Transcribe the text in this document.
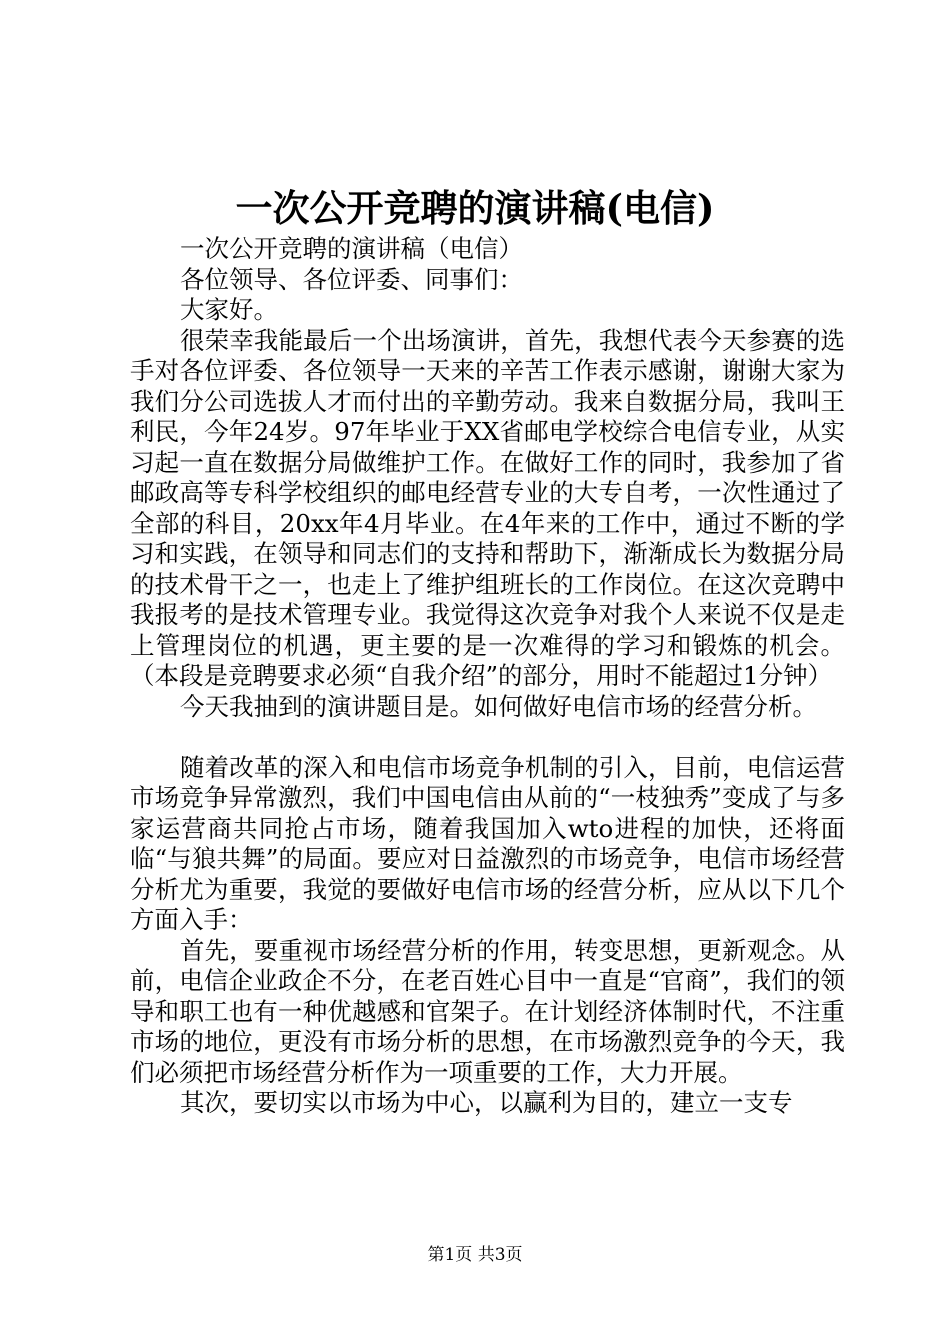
一次公开竞聘的演讲稿(电信)

一次公开竞聘的演讲稿（电信）

各位领导、各位评委、同事们：

大家好。

很荣幸我能最后一个出场演讲，首先，我想代表今天参赛的选手对各位评委、各位领导一天来的辛苦工作表示感谢，谢谢大家为我们分公司选拔人才而付出的辛勤劳动。我来自数据分局，我叫王利民，今年24岁。97年毕业于XX省邮电学校综合电信专业，从实习起一直在数据分局做维护工作。在做好工作的同时，我参加了省邮政高等专科学校组织的邮电经营专业的大专自考，一次性通过了全部的科目，20xx年4月毕业。在4年来的工作中，通过不断的学习和实践，在领导和同志们的支持和帮助下，渐渐成长为数据分局的技术骨干之一，也走上了维护组班长的工作岗位。在这次竞聘中我报考的是技术管理专业。我觉得这次竞争对我个人来说不仅是走上管理岗位的机遇，更主要的是一次难得的学习和锻炼的机会。（本段是竞聘要求必须“自我介绍”的部分，用时不能超过1分钟）

今天我抽到的演讲题目是。如何做好电信市场的经营分析。

随着改革的深入和电信市场竞争机制的引入，目前，电信运营市场竞争异常激烈，我们中国电信由从前的“一枝独秀”变成了与多家运营商共同抢占市场，随着我国加入wto进程的加快，还将面临“与狼共舞”的局面。要应对日益激烈的市场竞争，电信市场经营分析尤为重要，我觉的要做好电信市场的经营分析，应从以下几个方面入手：

首先，要重视市场经营分析的作用，转变思想，更新观念。从前，电信企业政企不分，在老百姓心目中一直是“官商”，我们的领导和职工也有一种优越感和官架子。在计划经济体制时代，不注重市场的地位，更没有市场分析的思想，在市场激烈竞争的今天，我们必须把市场经营分析作为一项重要的工作，大力开展。

其次，要切实以市场为中心，以赢利为目的，建立一支专

第1页 共3页
